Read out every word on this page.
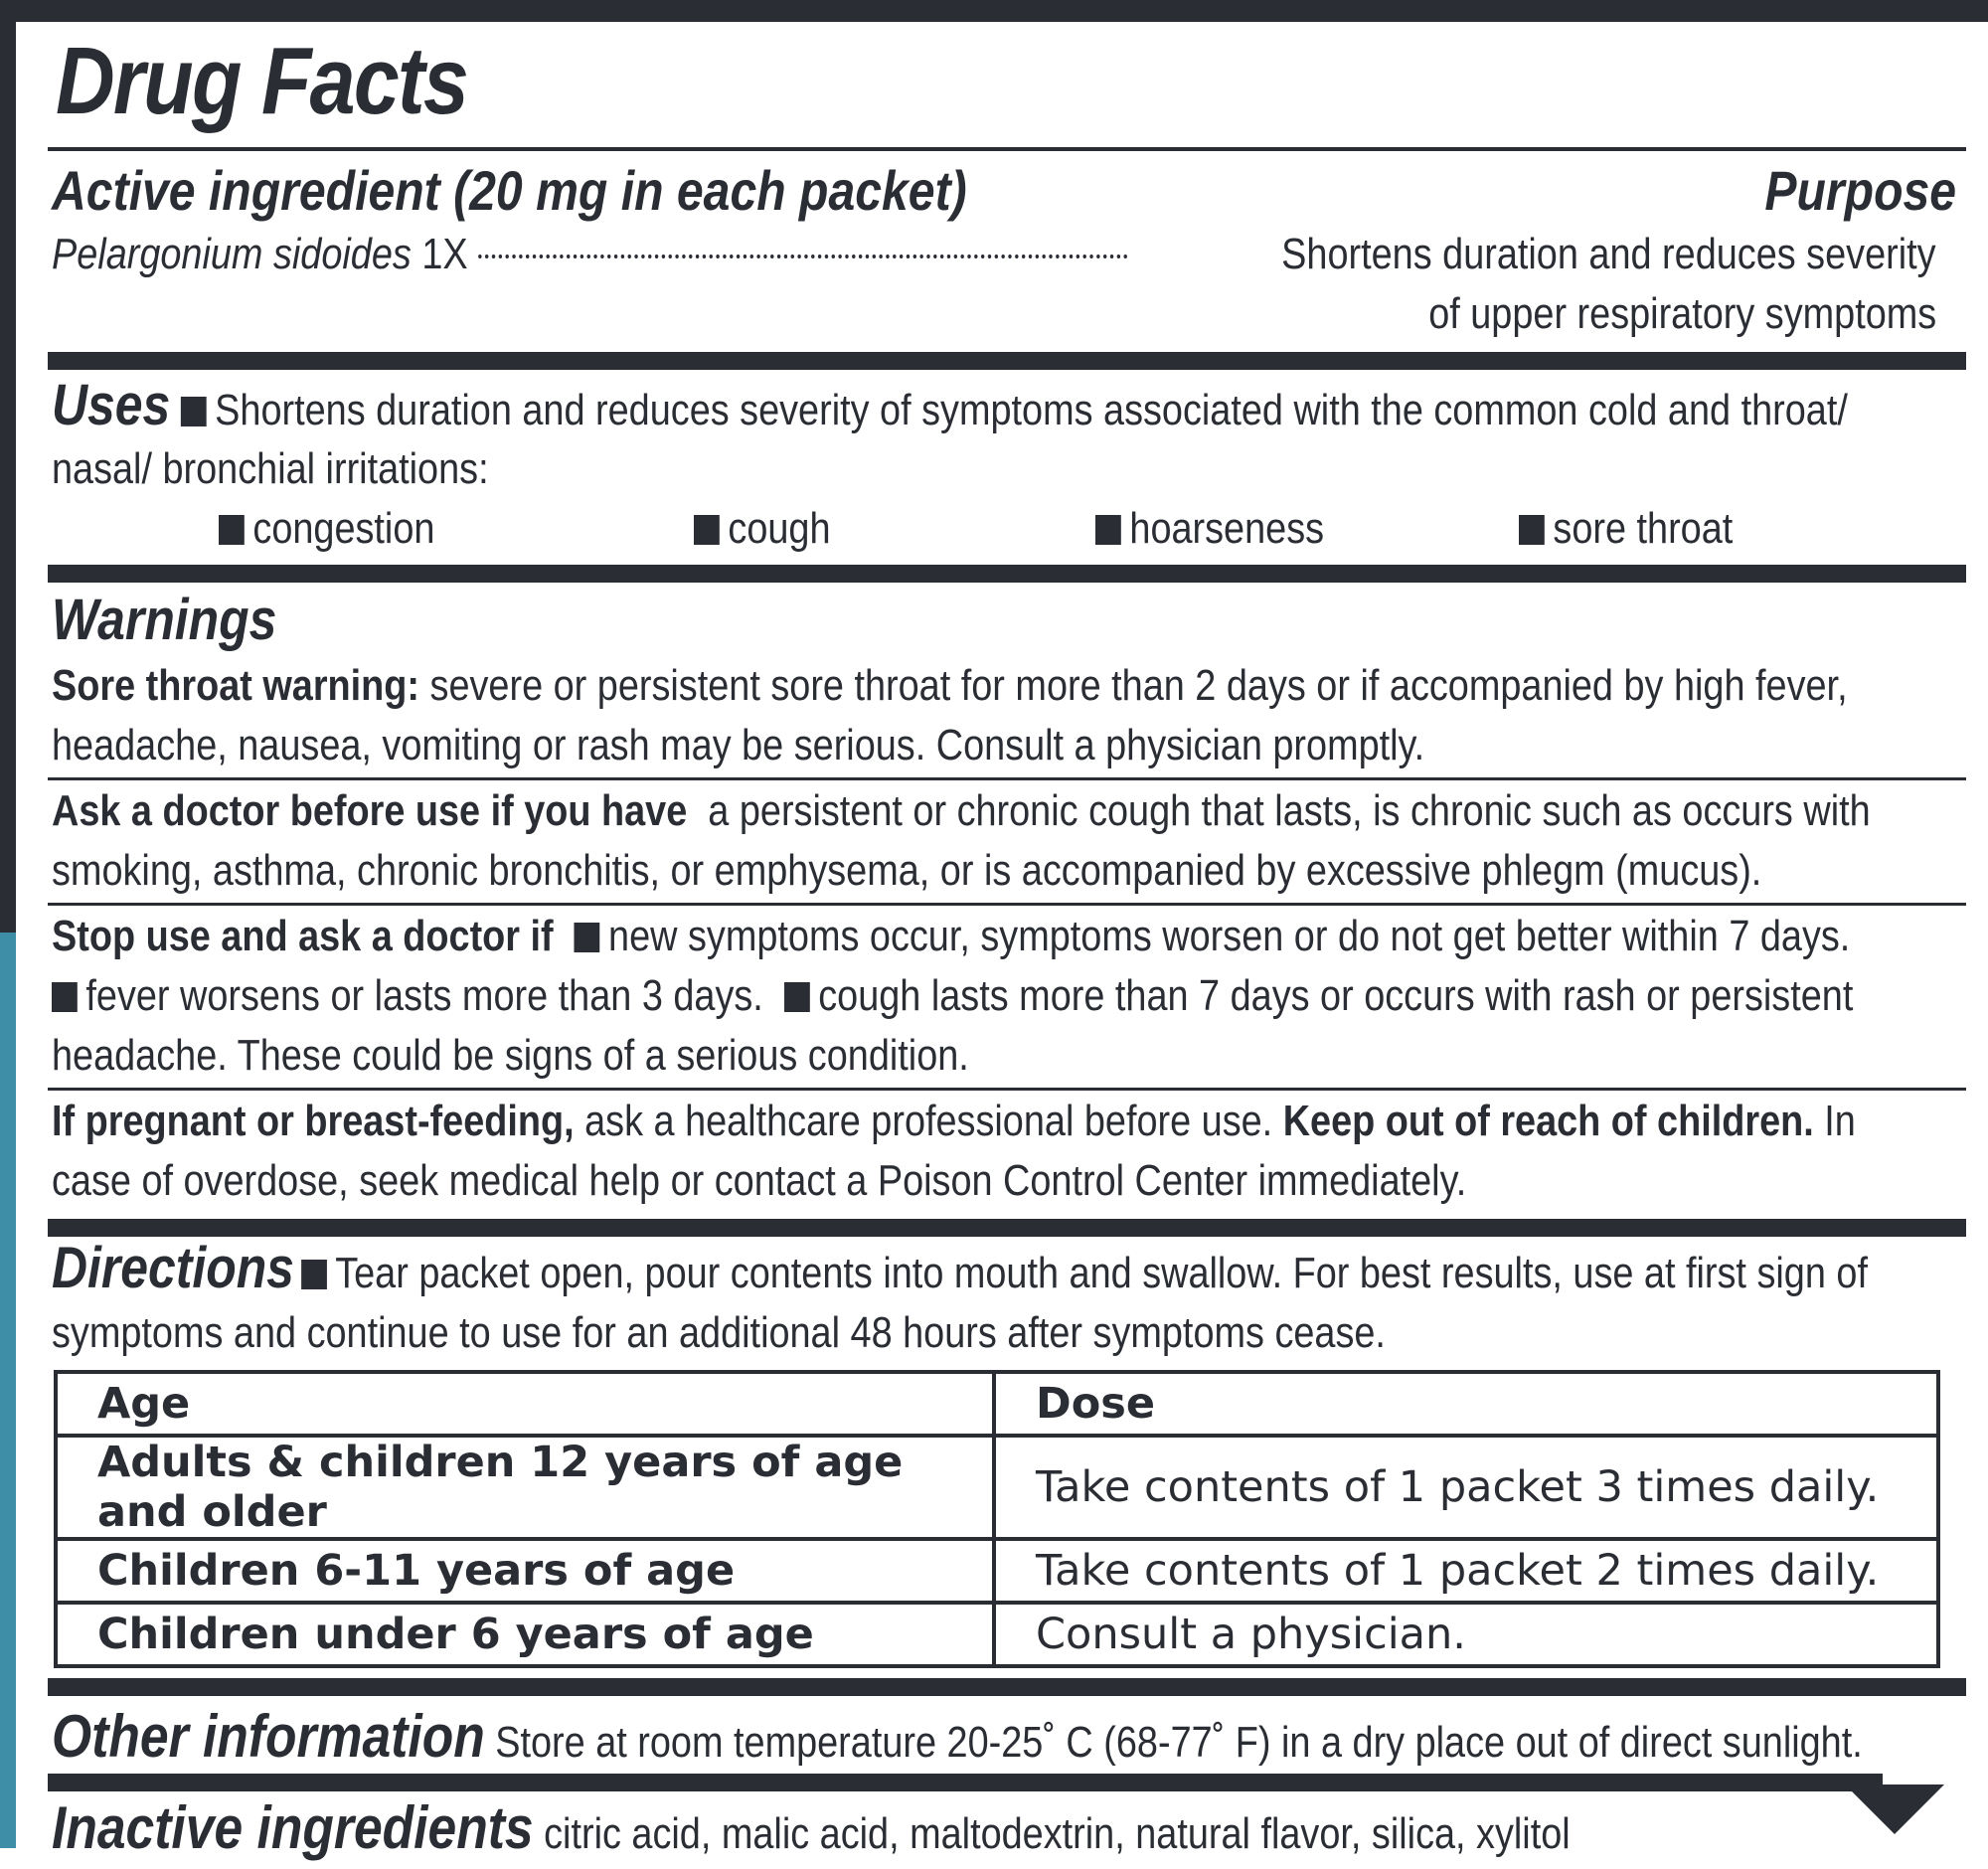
Drug Facts
Active ingredient (20 mg in each packet)	Purpose
Pelargonium sidoides 1X	Shortens duration and reduces severity
of upper respiratory symptoms
Uses Shortens duration and reduces severity of symptoms associated with the common cold and throat/
nasal/ bronchial irritations:
congestion	cough	hoarseness	sore throat
Warnings
Sore throat warning: severe or persistent sore throat for more than 2 days or if accompanied by high fever,
headache, nausea, vomiting or rash may be serious. Consult a physician promptly.
Ask a doctor before use if you have a persistent or chronic cough that lasts, is chronic such as occurs with
smoking, asthma, chronic bronchitis, or emphysema, or is accompanied by excessive phlegm (mucus).
Stop use and ask a doctor if new symptoms occur, symptoms worsen or do not get better within 7 days.
fever worsens or lasts more than 3 days. cough lasts more than 7 days or occurs with rash or persistent
headache. These could be signs of a serious condition.
If pregnant or breast-feeding, ask a healthcare professional before use. Keep out of reach of children. In
case of overdose, seek medical help or contact a Poison Control Center immediately.
Directions Tear packet open, pour contents into mouth and swallow. For best results, use at first sign of
symptoms and continue to use for an additional 48 hours after symptoms cease.
Age	Dose
Adults & children 12 years of age and older	Take contents of 1 packet 3 times daily.
Children 6-11 years of age	Take contents of 1 packet 2 times daily.
Children under 6 years of age	Consult a physician.
Other information Store at room temperature 20-25˚ C (68-77˚ F) in a dry place out of direct sunlight.
Inactive ingredients citric acid, malic acid, maltodextrin, natural flavor, silica, xylitol
